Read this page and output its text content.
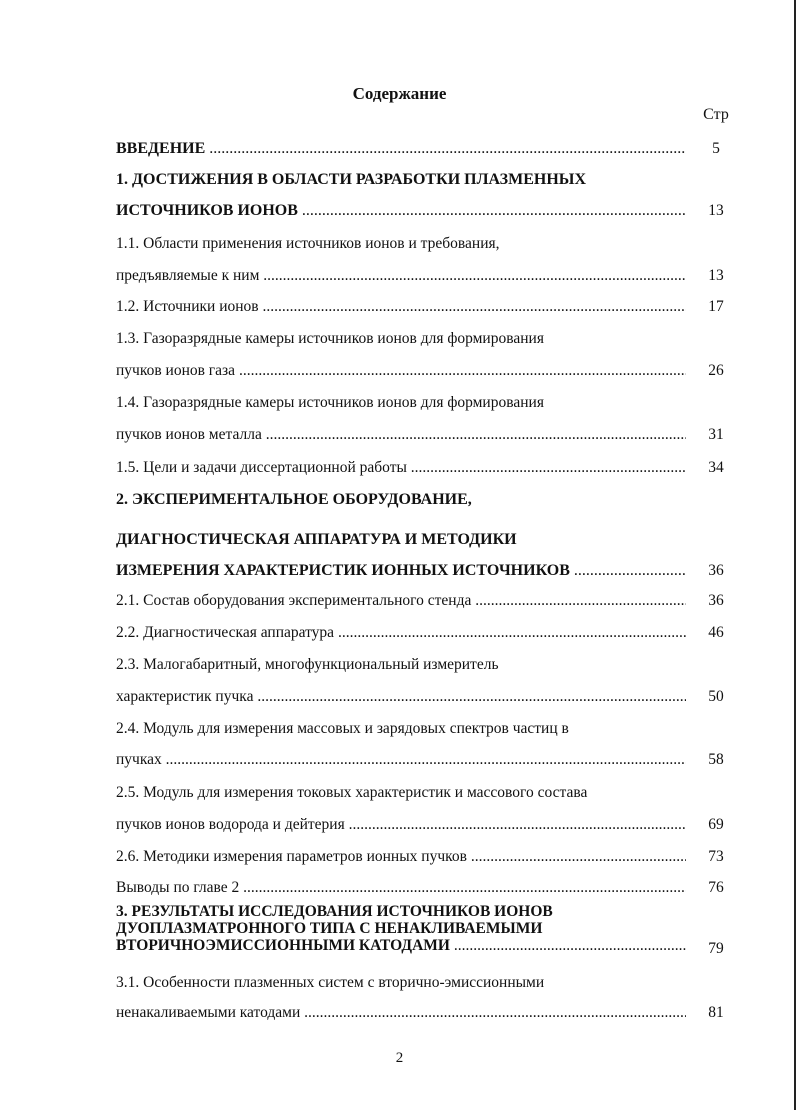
Содержание
Стр
ВВЕДЕНИЕ .....	5
1. ДОСТИЖЕНИЯ В ОБЛАСТИ РАЗРАБОТКИ ПЛАЗМЕННЫХ
ИСТОЧНИКОВ ИОНОВ .....	13
1.1. Области применения источников ионов и требования,
предъявляемые к ним .....	13
1.2. Источники ионов .....	17
1.3. Газоразрядные камеры источников ионов для формирования
пучков ионов газа .....	26
1.4. Газоразрядные камеры источников ионов для формирования
пучков ионов металла .....	31
1.5. Цели и задачи диссертационной работы .....	34
2. ЭКСПЕРИМЕНТАЛЬНОЕ ОБОРУДОВАНИЕ,
ДИАГНОСТИЧЕСКАЯ АППАРАТУРА И МЕТОДИКИ
ИЗМЕРЕНИЯ ХАРАКТЕРИСТИК ИОННЫХ ИСТОЧНИКОВ .....	36
2.1. Состав оборудования экспериментального стенда .....	36
2.2. Диагностическая аппаратура .....	46
2.3. Малогабаритный, многофункциональный измеритель
характеристик пучка .....	50
2.4. Модуль для измерения массовых и зарядовых спектров частиц в
пучках .....	58
2.5. Модуль для измерения токовых характеристик и массового состава
пучков ионов водорода и дейтерия .....	69
2.6. Методики измерения параметров ионных пучков .....	73
Выводы по главе 2 .....	76
3. РЕЗУЛЬТАТЫ ИССЛЕДОВАНИЯ ИСТОЧНИКОВ ИОНОВ
ДУОПЛАЗМАТРОННОГО ТИПА С НЕНАКЛИВАЕМЫМИ
ВТОРИЧНОЭМИССИОННЫМИ КАТОДАМИ .....	79
3.1. Особенности плазменных систем с вторично-эмиссионными
ненакаливаемыми катодами .....	81
2
